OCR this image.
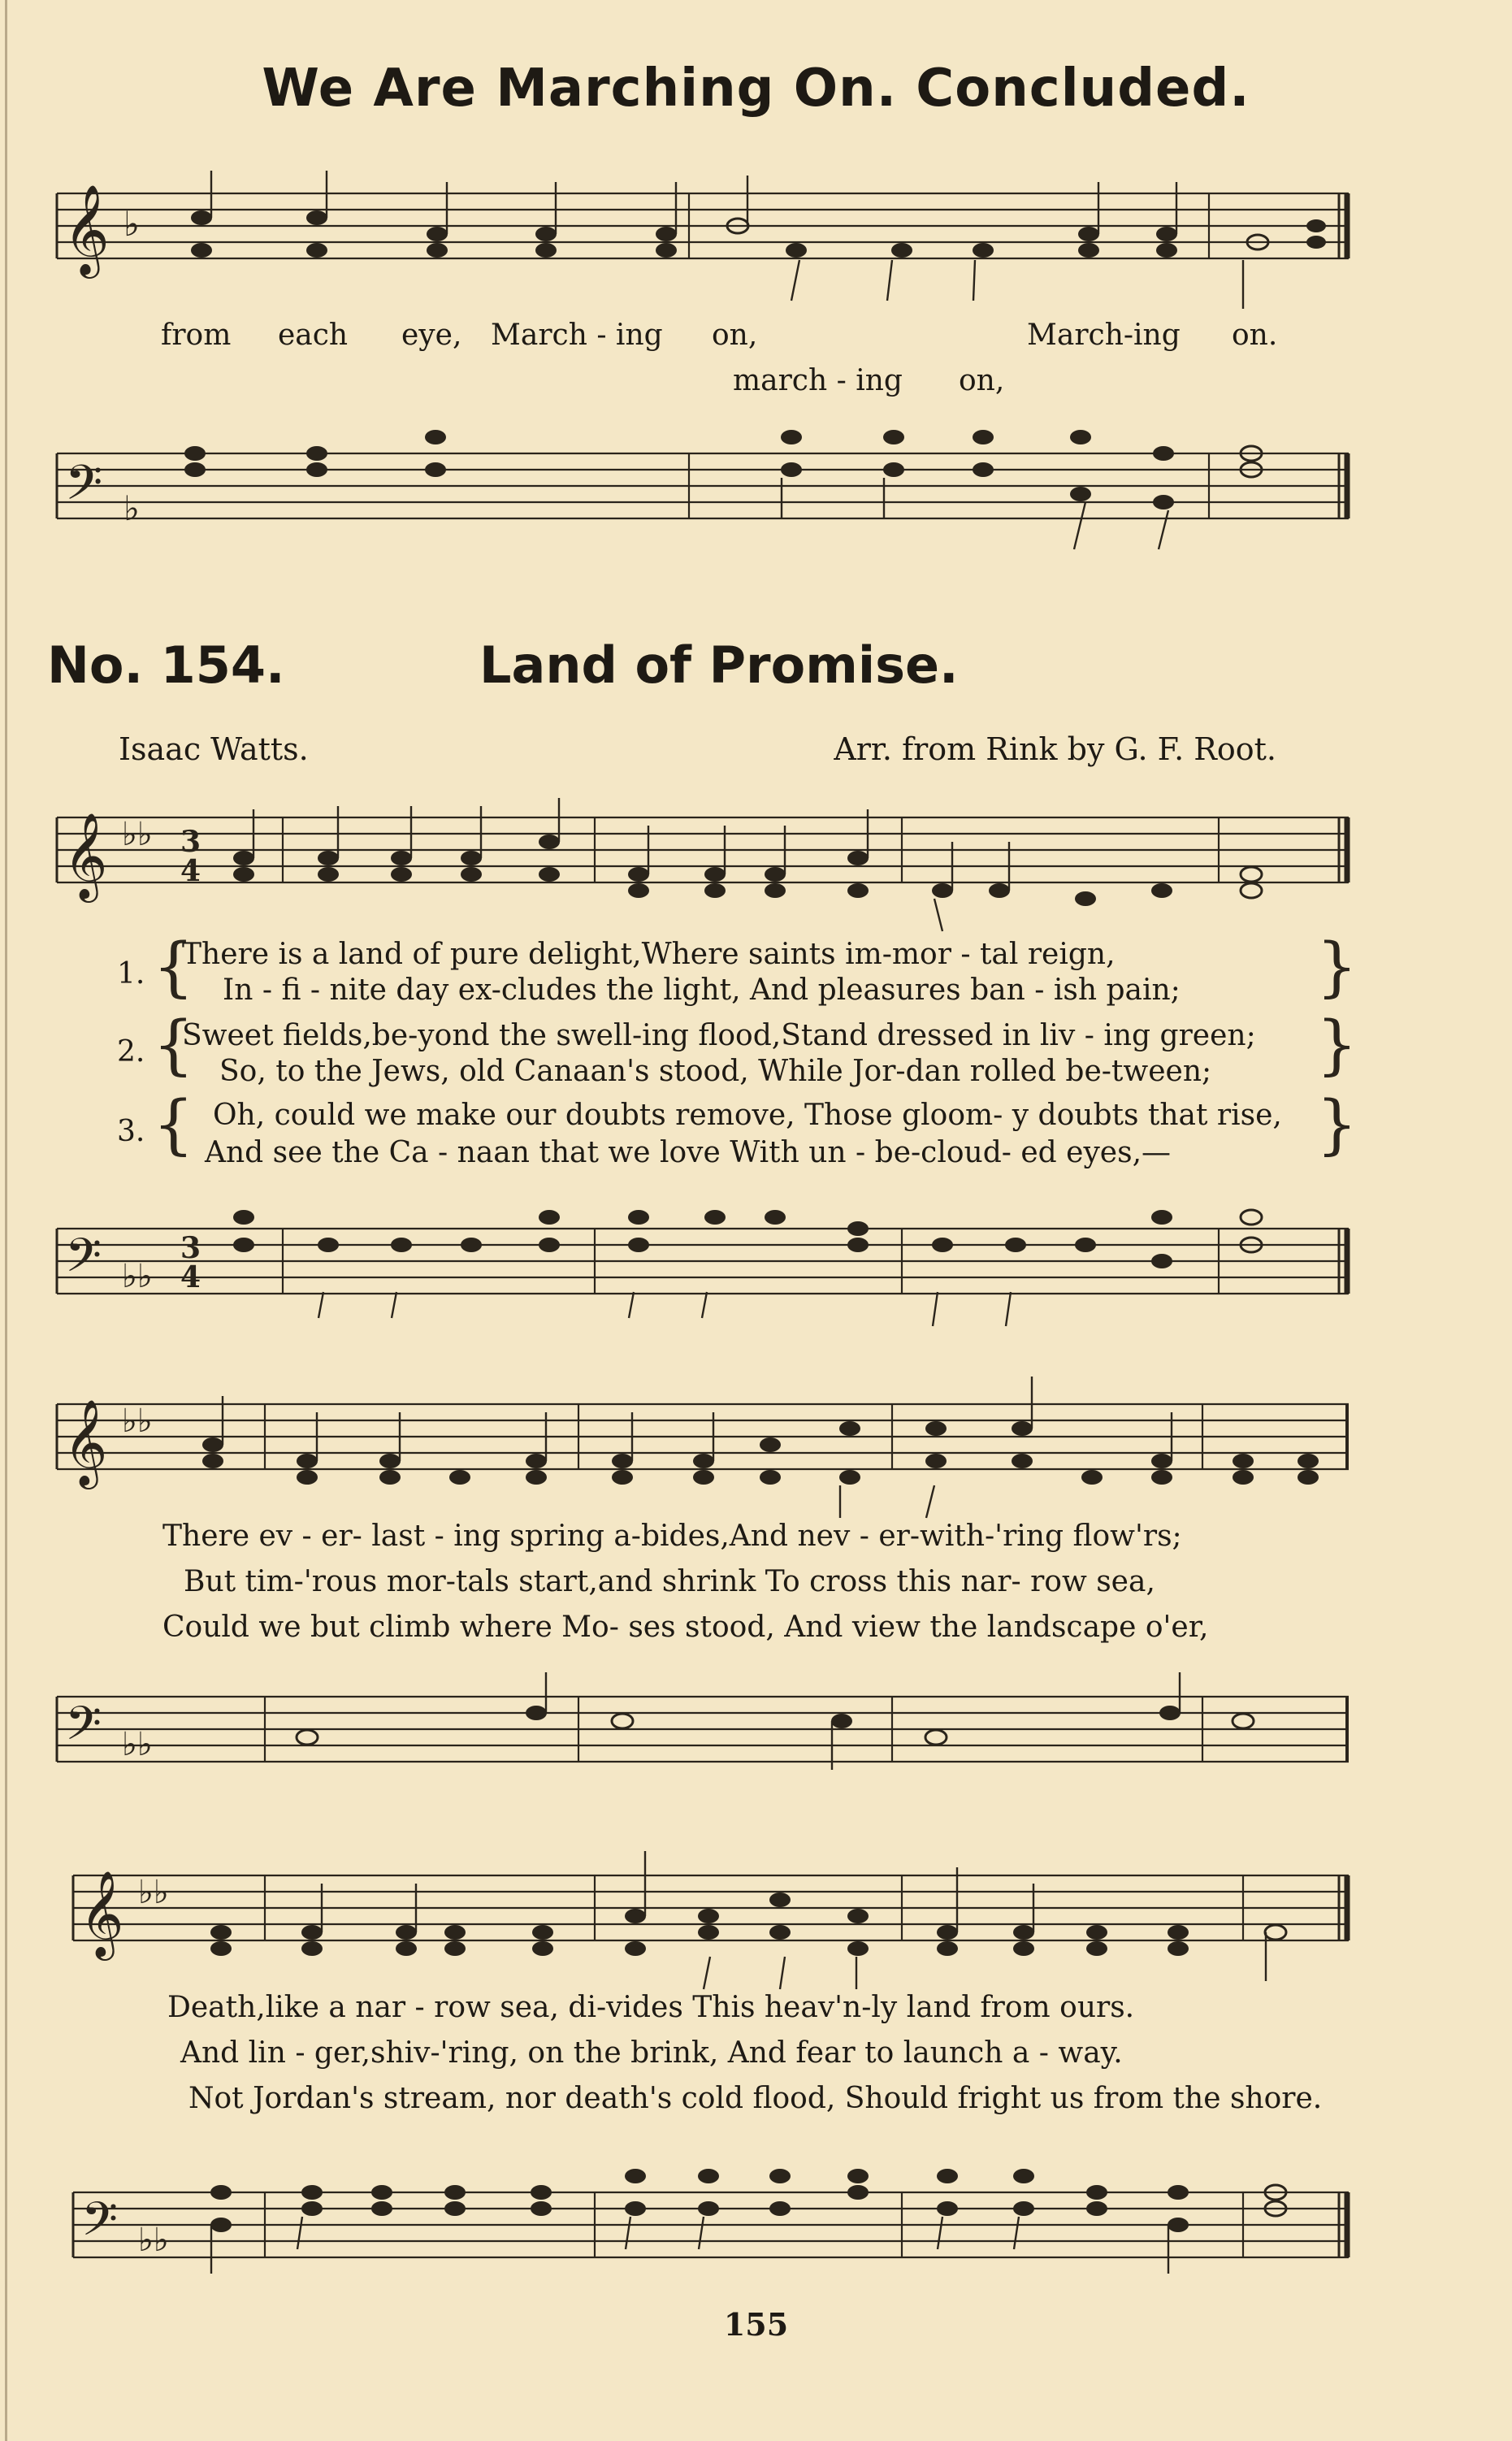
We Are Marching On. Concluded.
𝄞 ♭
from each eye, March - ing on,	March-ing on.
march - ing on,
𝄢 ♭
No. 154.	Land of Promise.
Isaac Watts.	Arr. from Rink by G. F. Root.
𝄞 ♭♭ 3
4
1. {
There is a land of pure delight,Where saints im-mor - tal reign,
In - fi - nite day ex-cludes the light, And pleasures ban - ish pain; }
2. {
Sweet fields,be-yond the swell-ing flood,Stand dressed in liv - ing green;
So, to the Jews, old Canaan's stood, While Jor-dan rolled be-tween; }
3. { Oh, could we make our doubts remove, Those gloom- y doubts that rise,
And see the Ca - naan that we love With un - be-cloud- ed eyes,— }
𝄢 ♭♭
3
4
𝄞 ♭♭
There ev - er- last - ing spring a-bides,And nev - er-with-'ring flow'rs;
But tim-'rous mor-tals start,and shrink To cross this nar- row sea,
Could we but climb where Mo- ses stood, And view the landscape o'er,
𝄢 ♭♭
𝄞 ♭♭
Death,like a nar - row sea, di-vides This heav'n-ly land from ours.
And lin - ger,shiv-'ring, on the brink, And fear to launch a - way.
Not Jordan's stream, nor death's cold flood, Should fright us from the shore.
𝄢 ♭♭
155
